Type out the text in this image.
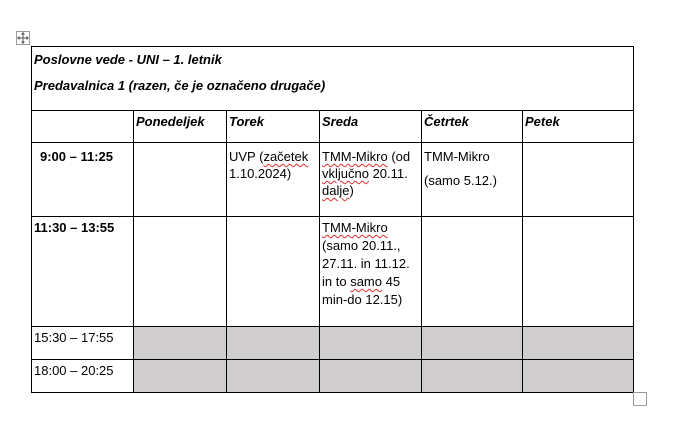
Poslovne vede - UNI – 1. letnik
Predavalnica 1 (razen, če je označeno drugače)					

	Ponedeljek	Torek	Sreda	Četrtek	Petek
9:00 – 11:25		UVP (začetek 1.10.2024)	TMM-Mikro (od vključno 20.11. dalje)	TMM-Mikro
(samo 5.12.)	

11:30 – 13:55			TMM-Mikro (samo 20.11., 27.11. in 11.12. in to samo 45 min-do 12.15)		
15:30 – 17:55					
18:00 – 20:25					
